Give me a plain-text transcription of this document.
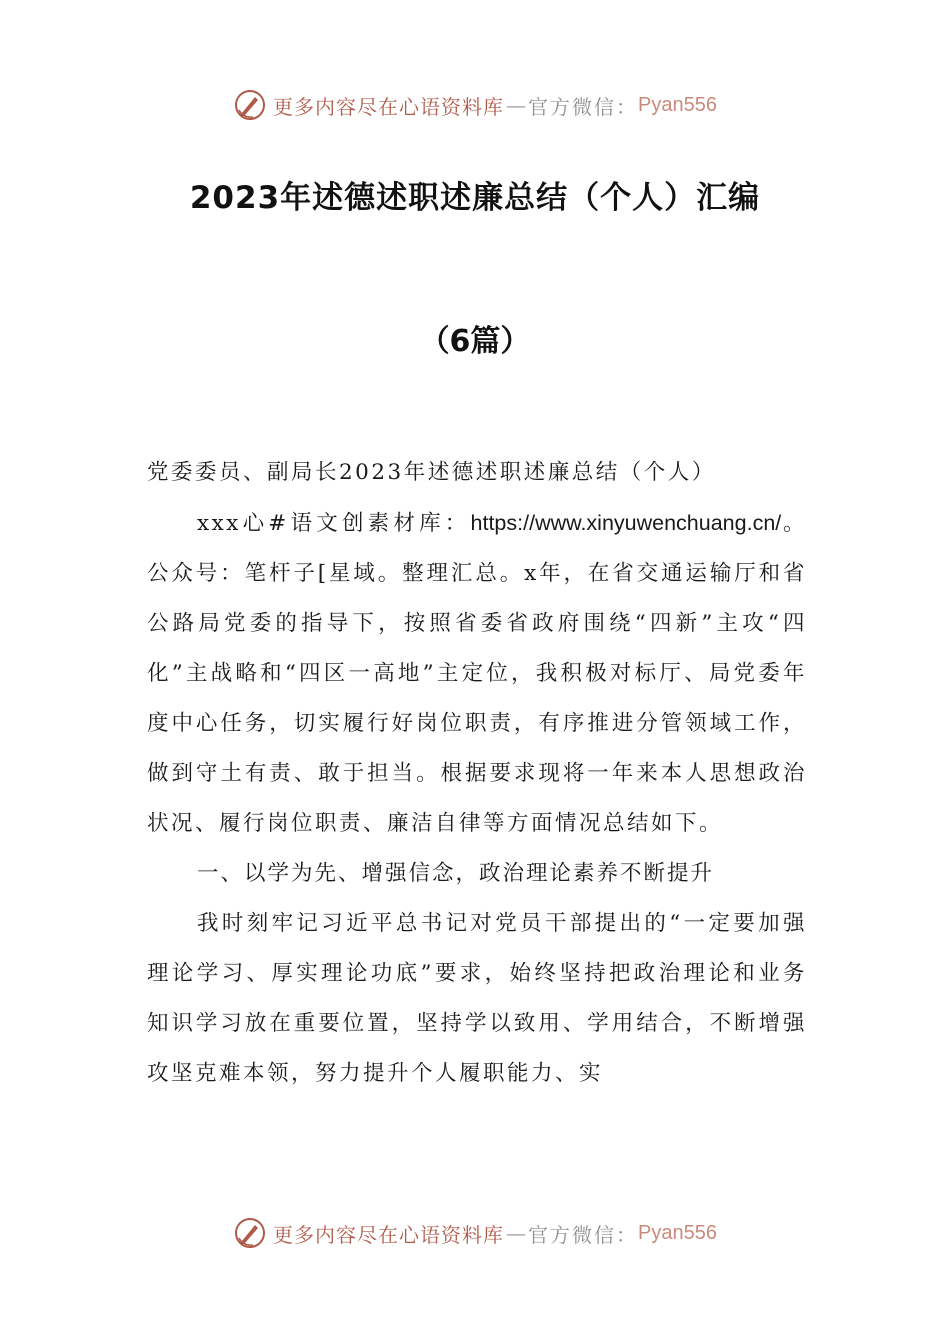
更多内容尽在心语资料库 — 官方微信： Pyan556
2023年述德述职述廉总结（个人）汇编
（6篇）

党委委员、副局长2023年述德述职述廉总结（个人）

xxx心#语文创素材库：https://www.xinyuwenchuang.cn/。公众号：笔杆子[星域。整理汇总。x年，在省交通运输厅和省公路局党委的指导下，按照省委省政府围绕“四新”主攻“四化”主战略和“四区一高地”主定位，我积极对标厅、局党委年度中心任务，切实履行好岗位职责，有序推进分管领域工作，做到守土有责、敢于担当。根据要求现将一年来本人思想政治状况、履行岗位职责、廉洁自律等方面情况总结如下。

一、以学为先、增强信念，政治理论素养不断提升

我时刻牢记习近平总书记对党员干部提出的“一定要加强理论学习、厚实理论功底”要求，始终坚持把政治理论和业务知识学习放在重要位置，坚持学以致用、学用结合，不断增强攻坚克难本领，努力提升个人履职能力、实

更多内容尽在心语资料库 — 官方微信： Pyan556
